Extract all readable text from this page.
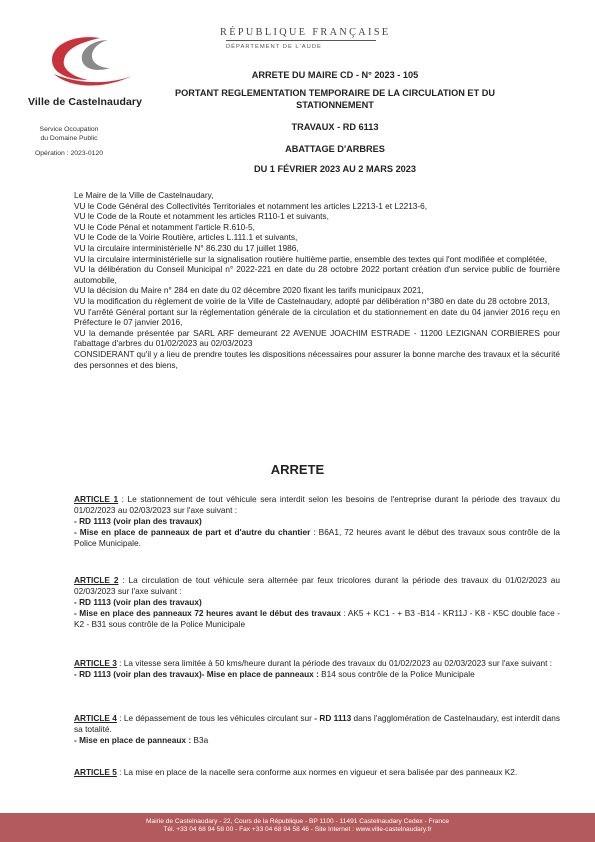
Ville de Castelnaudary
Service Occupation
du Domaine Public
Opération : 2023-0120
RÉPUBLIQUE FRANÇAISE
DÉPARTEMENT DE L'AUDE
ARRETE DU MAIRE CD - N° 2023 - 105
PORTANT REGLEMENTATION TEMPORAIRE DE LA CIRCULATION ET DU STATIONNEMENT
TRAVAUX - RD 6113
ABATTAGE D'ARBRES
DU 1 FÉVRIER 2023 AU 2 MARS 2023

Le Maire de la Ville de Castelnaudary,

VU le Code Général des Collectivités Territoriales et notamment les articles L2213-1 et L2213-6,

VU le Code de la Route et notamment les articles R110-1 et suivants,

VU le Code Pénal et notamment l'article R.610-5,

VU le Code de la Voirie Routière, articles L.111.1 et suivants,

VU la circulaire interministérielle N° 86.230 du 17 juillet 1986,

VU la circulaire interministérielle sur la signalisation routière huitième partie, ensemble des textes qui l'ont modifiée et complétée,

VU la délibération du Conseil Municipal n° 2022-221 en date du 28 octobre 2022 portant création d'un service public de fourrière automobile,

VU la décision du Maire n° 284 en date du 02 décembre 2020 fixant les tarifs municipaux 2021,

VU la modification du règlement de voirie de la Ville de Castelnaudary, adopté par délibération n°380 en date du 28 octobre 2013,

VU l'arrêté Général portant sur la réglementation générale de la circulation et du stationnement en date du 04 janvier 2016 reçu en Préfecture le 07 janvier 2016,

VU la demande présentée par SARL ARF demeurant 22 AVENUE JOACHIM ESTRADE - 11200 LEZIGNAN CORBIERES pour l'abattage d'arbres du 01/02/2023 au 02/03/2023

CONSIDERANT qu'il y a lieu de prendre toutes les dispositions nécessaires pour assurer la bonne marche des travaux et la sécurité des personnes et des biens,

ARRETE

ARTICLE 1 : Le stationnement de tout véhicule sera interdit selon les besoins de l'entreprise durant la période des travaux du 01/02/2023 au 02/03/2023 sur l'axe suivant :

- RD 1113 (voir plan des travaux)

- Mise en place de panneaux de part et d'autre du chantier : B6A1, 72 heures avant le début des travaux sous contrôle de la Police Municipale.

ARTICLE 2 : La circulation de tout véhicule sera alternée par feux tricolores durant la période des travaux du 01/02/2023 au 02/03/2023 sur l'axe suivant :

- RD 1113 (voir plan des travaux)

- Mise en place des panneaux 72 heures avant le début des travaux : AK5 + KC1 - + B3 -B14 - KR11J - K8 - K5C double face - K2 - B31 sous contrôle de la Police Municipale

ARTICLE 3 : La vitesse sera limitée à 50 kms/heure durant la période des travaux du 01/02/2023 au 02/03/2023 sur l'axe suivant :

- RD 1113 (voir plan des travaux)- Mise en place de panneaux : B14 sous contrôle de la Police Municipale

ARTICLE 4 : Le dépassement de tous les véhicules circulant sur - RD 1113 dans l'agglomération de Castelnaudary, est interdit dans sa totalité.

- Mise en place de panneaux : B3a

ARTICLE 5 : La mise en place de la nacelle sera conforme aux normes en vigueur et sera balisée par des panneaux K2.

Mairie de Castelnaudary - 22, Cours de la République - BP 1100 - 11491 Castelnaudary Cedex - France
Tél. +33 04 68 94 58 00 - Fax +33 04 68 94 58 46 - Site Internet : www.ville-castelnaudary.fr
